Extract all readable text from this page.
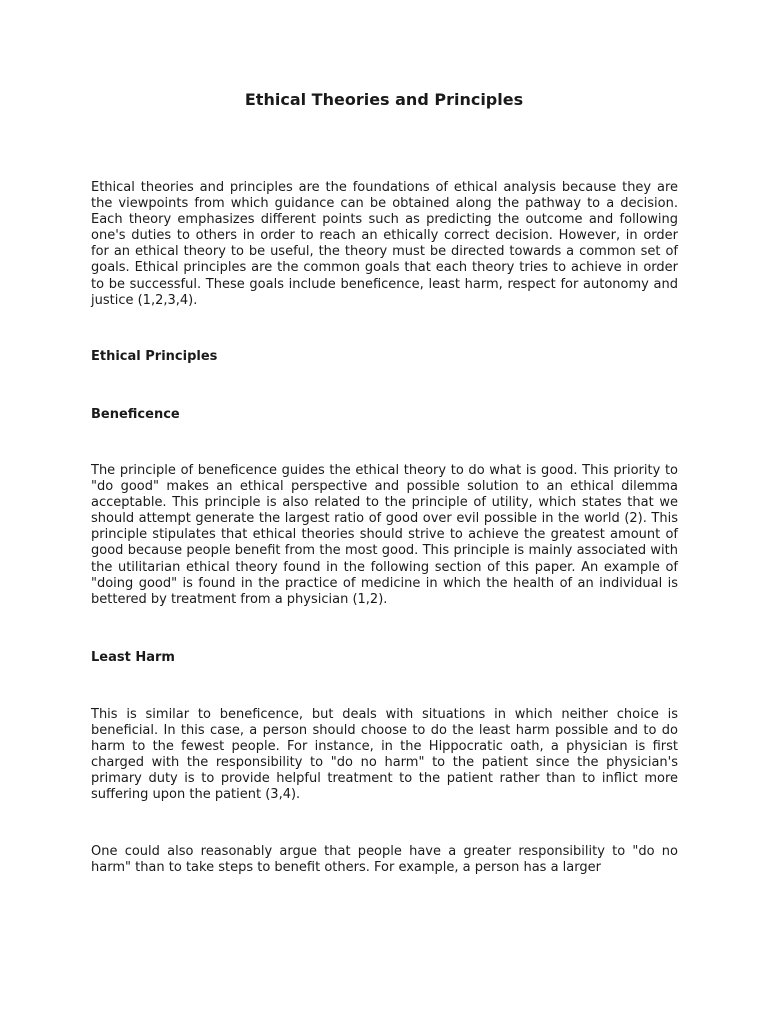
Ethical Theories and Principles

Ethical theories and principles are the foundations of ethical analysis because they are the viewpoints from which guidance can be obtained along the pathway to a decision. Each theory emphasizes different points such as predicting the outcome and following one's duties to others in order to reach an ethically correct decision. However, in order for an ethical theory to be useful, the theory must be directed towards a common set of goals. Ethical principles are the common goals that each theory tries to achieve in order to be successful. These goals include beneficence, least harm, respect for autonomy and justice (1,2,3,4).

Ethical Principles
Beneficence

The principle of beneficence guides the ethical theory to do what is good. This priority to "do good" makes an ethical perspective and possible solution to an ethical dilemma acceptable. This principle is also related to the principle of utility, which states that we should attempt generate the largest ratio of good over evil possible in the world (2). This principle stipulates that ethical theories should strive to achieve the greatest amount of good because people benefit from the most good. This principle is mainly associated with the utilitarian ethical theory found in the following section of this paper. An example of "doing good" is found in the practice of medicine in which the health of an individual is bettered by treatment from a physician (1,2).

Least Harm

This is similar to beneficence, but deals with situations in which neither choice is beneficial. In this case, a person should choose to do the least harm possible and to do harm to the fewest people. For instance, in the Hippocratic oath, a physician is first charged with the responsibility to "do no harm" to the patient since the physician's primary duty is to provide helpful treatment to the patient rather than to inflict more suffering upon the patient (3,4).

One could also reasonably argue that people have a greater responsibility to "do no harm" than to take steps to benefit others. For example, a person has a larger
